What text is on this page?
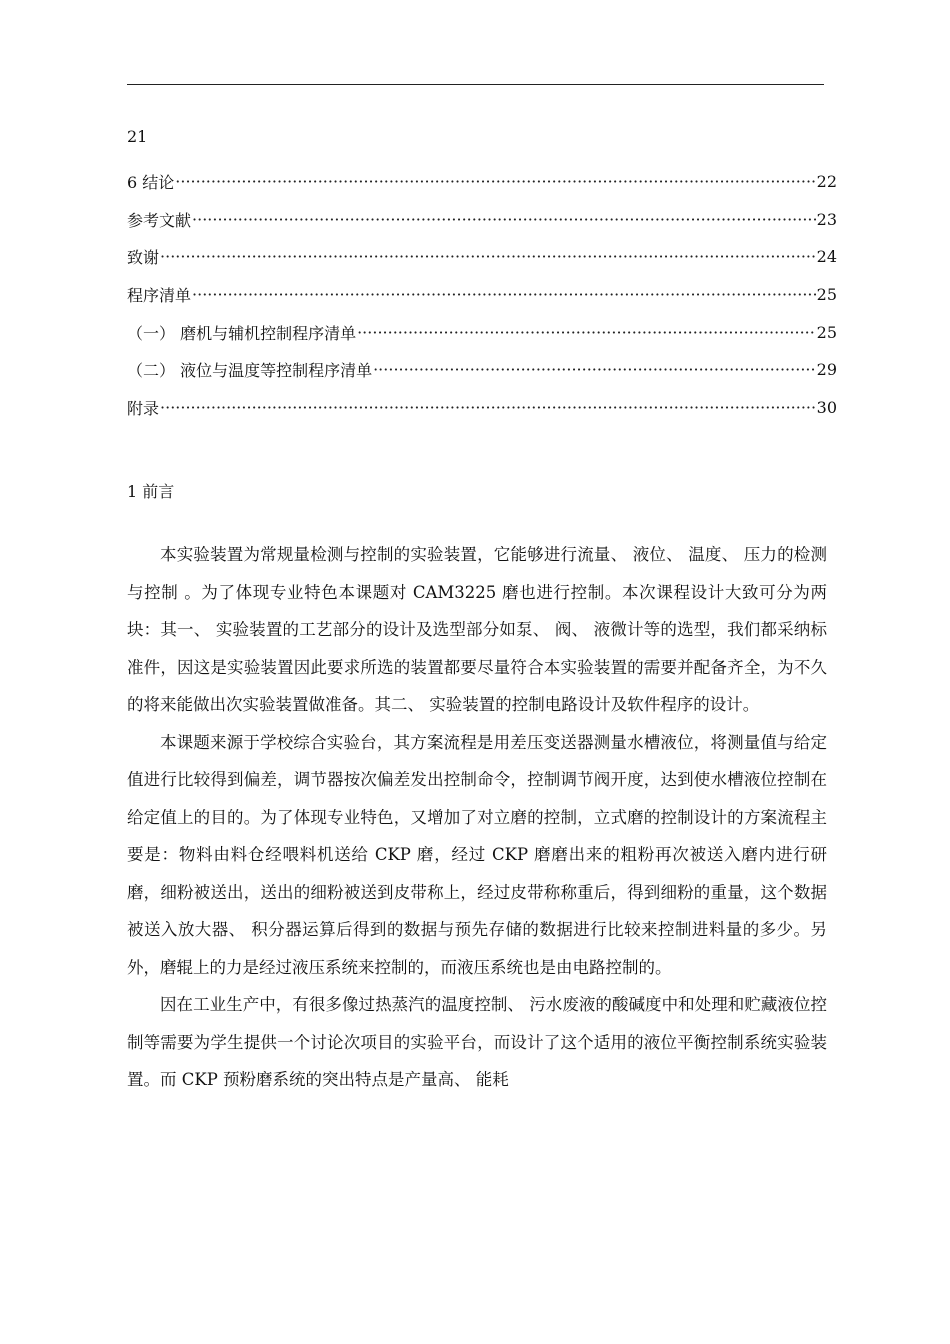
21
6 结论 ·····	22
参考文献 ·····	23
致谢 ·····	24
程序清单 ·····	25
（一） 磨机与辅机控制程序清单 ·····	25
（二） 液位与温度等控制程序清单 ·····	29
附录 ·····	30
1 前言

本实验装置为常规量检测与控制的实验装置，它能够进行流量、 液位、 温度、 压力的检测与控制 。为了体现专业特色本课题对 CAM3225 磨也进行控制。本次课程设计大致可分为两块：其一、 实验装置的工艺部分的设计及选型部分如泵、 阀、 液微计等的选型，我们都采纳标准件，因这是实验装置因此要求所选的装置都要尽量符合本实验装置的需要并配备齐全，为不久的将来能做出次实验装置做准备。其二、 实验装置的控制电路设计及软件程序的设计。

本课题来源于学校综合实验台，其方案流程是用差压变送器测量水槽液位，将测量值与给定值进行比较得到偏差，调节器按次偏差发出控制命令，控制调节阀开度，达到使水槽液位控制在给定值上的目的。为了体现专业特色，又增加了对立磨的控制，立式磨的控制设计的方案流程主要是：物料由料仓经喂料机送给 CKP 磨，经过 CKP 磨磨出来的粗粉再次被送入磨内进行研磨，细粉被送出，送出的细粉被送到皮带称上，经过皮带称称重后，得到细粉的重量，这个数据被送入放大器、 积分器运算后得到的数据与预先存储的数据进行比较来控制进料量的多少。另外，磨辊上的力是经过液压系统来控制的，而液压系统也是由电路控制的。

因在工业生产中，有很多像过热蒸汽的温度控制、 污水废液的酸碱度中和处理和贮藏液位控制等需要为学生提供一个讨论次项目的实验平台，而设计了这个适用的液位平衡控制系统实验装置。而 CKP 预粉磨系统的突出特点是产量高、 能耗
